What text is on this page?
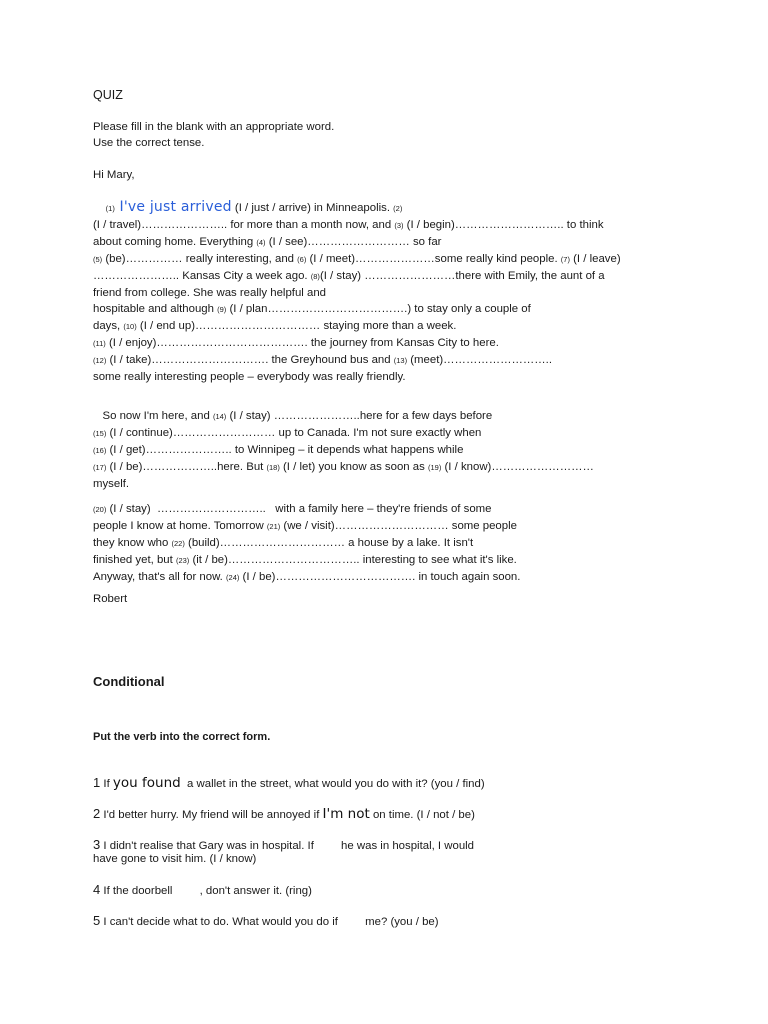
QUIZ
Please fill in the blank with an appropriate word.
Use the correct tense.
Hi Mary,
(1) I've just arrived (I / just / arrive) in Minneapolis. (2)
(I / travel)………………….. for more than a month now, and (3) (I / begin)……………………….. to think
about coming home. Everything (4) (I / see)……………………… so far
(5) (be)…………… really interesting, and (6) (I / meet)…………………some really kind people. (7) (I / leave)
………………….. Kansas City a week ago. (8)(I / stay) ……………………there with Emily, the aunt of a
friend from college. She was really helpful and
hospitable and although (9) (I / plan……………………………….) to stay only a couple of
days, (10) (I / end up)…………………………… staying more than a week.
(11) (I / enjoy)…………………………………. the journey from Kansas City to here.
(12) (I / take)…………………………. the Greyhound bus and (13) (meet)………………………..
some really interesting people – everybody was really friendly.
So now I'm here, and (14) (I / stay) …………………..here for a few days before
(15) (I / continue)……………………… up to Canada. I'm not sure exactly when
(16) (I / get)………………….. to Winnipeg – it depends what happens while
(17) (I / be)………………..here. But (18) (I / let) you know as soon as (19) (I / know)………………………
myself.
(20) (I / stay)  ………………………..   with a family here – they're friends of some
people I know at home. Tomorrow (21) (we / visit)………………………… some people
they know who (22) (build)…………………………… a house by a lake. It isn't
finished yet, but (23) (it / be)…………………………….. interesting to see what it's like.
Anyway, that's all for now. (24) (I / be)………………………………. in touch again soon.
Robert
Conditional
Put the verb into the correct form.
1 If you found  a wallet in the street, what would you do with it? (you / find)
2 I'd better hurry. My friend will be annoyed if I'm not on time. (I / not / be)
3 I didn't realise that Gary was in hospital. If    he was in hospital, I would
have gone to visit him. (I / know)
4 If the doorbell    , don't answer it. (ring)
5 I can't decide what to do. What would you do if   me? (you / be)
